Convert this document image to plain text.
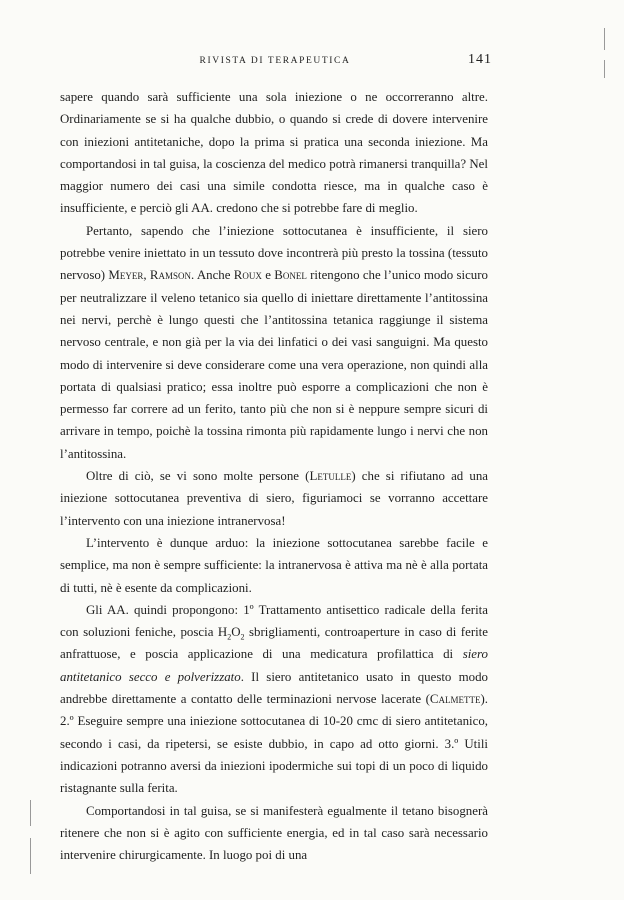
RIVISTA DI TERAPEUTICA	141

sapere quando sarà sufficiente una sola iniezione o ne occorreranno altre. Ordinariamente se si ha qualche dubbio, o quando si crede di dovere intervenire con iniezioni antitetaniche, dopo la prima si pratica una seconda iniezione. Ma comportandosi in tal guisa, la coscienza del medico potrà rimanersi tranquilla? Nel maggior numero dei casi una simile condotta riesce, ma in qualche caso è insufficiente, e perciò gli AA. credono che si potrebbe fare di meglio.

Pertanto, sapendo che l’iniezione sottocutanea è insufficiente, il siero potrebbe venire iniettato in un tessuto dove incontrerà più presto la tossina (tessuto nervoso) Meyer, Ramson. Anche Roux e Bonel ritengono che l’unico modo sicuro per neutralizzare il veleno tetanico sia quello di iniettare direttamente l’antitossina nei nervi, perchè è lungo questi che l’antitossina tetanica raggiunge il sistema nervoso centrale, e non già per la via dei linfatici o dei vasi sanguigni. Ma questo modo di intervenire si deve considerare come una vera operazione, non quindi alla portata di qualsiasi pratico; essa inoltre può esporre a complicazioni che non è permesso far correre ad un ferito, tanto più che non si è neppure sempre sicuri di arrivare in tempo, poichè la tossina rimonta più rapidamente lungo i nervi che non l’antitossina.

Oltre di ciò, se vi sono molte persone (Letulle) che si rifiutano ad una iniezione sottocutanea preventiva di siero, figuriamoci se vorranno accettare l’intervento con una iniezione intranervosa!

L’intervento è dunque arduo: la iniezione sottocutanea sarebbe facile e semplice, ma non è sempre sufficiente: la intranervosa è attiva ma nè è alla portata di tutti, nè è esente da complicazioni.

Gli AA. quindi propongono: 1º Trattamento antisettico radicale della ferita con soluzioni feniche, poscia $H_2O_2$ sbrigliamenti, controaperture in caso di ferite anfrattuose, e poscia applicazione di una medicatura profilattica di siero antitetanico secco e polverizzato. Il siero antitetanico usato in questo modo andrebbe direttamente a contatto delle terminazioni nervose lacerate (Calmette). 2.º Eseguire sempre una iniezione sottocutanea di 10-20 cmc di siero antitetanico, secondo i casi, da ripetersi, se esiste dubbio, in capo ad otto giorni. 3.º Utili indicazioni potranno aversi da iniezioni ipodermiche sui topi di un poco di liquido ristagnante sulla ferita.

Comportandosi in tal guisa, se si manifesterà egualmente il tetano bisognerà ritenere che non si è agito con sufficiente energia, ed in tal caso sarà necessario intervenire chirurgicamente. In luogo poi di una
